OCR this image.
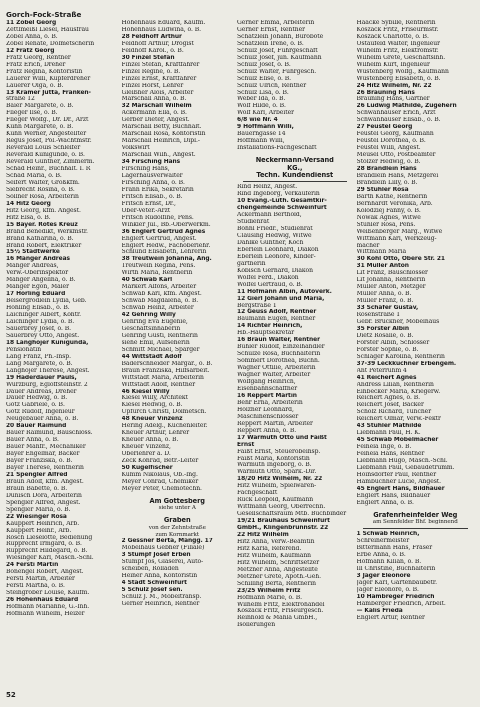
Gorch-Fock-Straße
11 Zobel Georg
Zettlmeißl Liesel, Hausfrau
Zobel Anna, o. B.
Zobel Renate, Dolmetscherin
12 Fratz Georg
Fratz Georg, Rentner
Fratz Erich, Dreher
Fratz Regina, Kontoristin
Lauerer Willi, Kupferdreher
Lauerer Olga, o. B.
13 Kramer Jutta, Franken-
straße 12
Baier Margarete, o. B.
Flieger Ilse, o. B.
Flieger Wolfg., Dr. Dr., Arzt
Kuhn Margarete, o. B.
Kuhn Werner, Angestellter
Regus Josef, Pol.-Wachtmstr.
Reverald Louis Schleifer
Reverald Kunigunde, o. B.
Reverald Günther, Zimmerm.
Schad Heinr., Buchhalt. I. R
Schad Maria, o. B.
Seifert Walter, Großkfm.
Siebrecht Rosina, o. B.
Söllner Rosa, Arbeiterin
14 Hitz Georg
Hitz Georg, kfm. Angest.
Hitz Elsa, o. B.
15 Bayer. Rotes Kreuz
Brand Benedikt, Werkmstr.
Brand Katharina, o. B.
Brand Robert, Elektriker
15½ Stadtwerke
16 Manger Andreas
Manger Andreas,
Verw.-Oberinspektor
Manger Angelina, o. B.
Manger Egon, Maler
17 Hörling Eduard
Beisergrödlein Lydia, Geb.
Höhling Elisab., o. B.
Laichinger Albert, Kontr.
Laichinger Lydia, o. B.
Sauerbrey Josef, o. B.
Sauerbrey Otto, Angest.
18 Langhojer Kunigunda,
Pensionatin
Lang Franz, Ph.-Insp.
Lang Margarete, o. B.
Langhojer Therese, Angest.
19 Haderdauer Pauls,
Würzburg, Egloffsteinstr. 2
Dauer Andreas, Dreher
Dauer Hedwig, o. B.
Götz Gabriele, o. B.
Götz Rudolf, Ingenieur
Neugebauer Anna, o. B.
20 Bauer Raimund
Bauer Raimund, Bauschloss.
Bauer Anna, o. B.
Bauer Manfr., Mechaniker
Bayer Engelmar, Bäcker
Bayer Franziska, o. B.
Bayer Therese, Rentnerin
21 Spengler Alfred
Braun Adolf, kfm. Angest.
Braun Babette, o. B.
Dünisch Dora, Arbeiterin
Spengler Alfred, Angest.
Spengler Maria, o. B.
22 Wiesinger Rosa
Kauppert Heinrich, Arb.
Kauppert Heinr., Arb.
Rösch Lieselotte, Bedienung
Rupprecht Irmgard, o. B.
Rupprecht Hildegard, o. B.
Wiesinger Karl, Masch.-Schl.
24 Fersti Martin
Bonengel Robert, Angest.
Ferstl Martin, Arbeiter
Ferstl Martha, o. B.
Steingröber Louise, Kaufm.
26 Hohenhaus Eduard
Hofmann Marianne, G.-Inh.
Hofmann Wilhelm, Heizer
Hohenhaus Eduard, Kaufm.
Hohenhaus Ludwina, o. B.
28 Feldhoff Arthur
Feldhoff Arthur, Drogist
Feldhoff Karol., o. B.
30 Finzel Stefan
Finzel Stefan, Kraftfahrer
Finzel Regine, o. B.
Finzel Ernst, Kraftfahrer
Finzel Horst, Lehrer
Gleißner Alois, Arbeiter
Marschall Anna, o. B.
32 Marschall Wilhelm
Ackermann Ella, o. B.
Gerber Dieter, Angest.
Marschall Betty, Buchhalt.
Marschall Rosa, Kontoristin
Marschall Heinrich, Dipl.-
Volkswirt
Marschall Wilh., Angest.
34 Firsching Hans
Firsching Hans,
Lagerhausverwalter
Firsching Anna, o. B.
Frann Erika, Sekretärin
Fritsch Elisab., o. B.
Fritsch Ernst, Dr.,
Ober-Veter.-Arzt
Fritsch Rudolfine, Pens.
Winkler Jul., Bb.-Oberwerkm.
36 Englert Gertrud Agnes
Englert Gertrud, Angest.
Englert Hedw., Fachoberlehr.
Schlund Elisabeth, Lehrerin
38 Treutwein Johanna, Ang.
Treutwein Regina, Pens.
Wirth Maria, Rentnerin
40 Schwab Karl
Markert Alfons, Arbeiter
Schwab Karl, kfm. Angest.
Schwab Magdalena, o. B.
Schwab Heinz, Arbeiter
42 Gehring Willy
Gehring Eva Eugenie,
Geschäftsinhaberin
Gehring Gusti, Rentnerin
siehe Emil, Aufseherin
Schmitt Michael, Sparger
44 Wittstadt Adolf
Baderschneider Margar., o. B.
Braun Franziska, Hilfsarbeit.
Wittstadt Maria, Arbeiterin
Wittstadt Adolf, Rentner
46 Kiesel Willy
Kiesel Willy, Architekt
Kiesel Hedwig, o. B.
Upfurch Christl, Dolmetsch.
48 Kneuer Vinzenz
Hering Adelg., Küchenleiter.
Kneuer Arthur, Lehrer
Kneuer Anna, o. B.
Kneuer Vinzenz,
Oberlehrer a. D.
Zeck Konrad, Betr.-Leiter
50 Kugelfischer
Kümm Nikolaus, Ob.-Ing.
Meyer Conrad, Chemiker
Meyer Peter, Chemotechn.
Am Gottesberg
siehe unter A
Graben
von der Zehntstraße
zum Kornmarkt
2 Gessner Berta, Mangg. 17
Möbelhaus Gebner (Filiale)
3 Stumpf Josef Erben
Stumpf Jos, Glaserei, Auto-
scheiben, Rolläden
Heiner Anna, Kontoristin
4 Städt Schweinfurt
5 Schulz Josef sen.
Schulz J. M., Möbeltransp.
Gerner Heinrich, Rentner
Gerner Emma, Arbeiterin
Gerner Ernst, Rentner
Schätzlein Johann, Bürobote
Schätzlein Irene, o. B.
Schulz Josef, Fuhrgeschäft
Schulz Josef, jun. Kaufmann
Schulz Josef, o. B.
Schulz Walter, Fuhrgesch.
Schulz Elise, o. B.
Schulz Ulrich, Rentner
Schulz Lisa, o. B.
Weber Ida, o. B.
Wolf Hilde, o. B.
Wolf Karl, Arbeiter
6/8 wie Nr. 4
9 Hoffmann Willi,
Bauerngasse 14
Hoffmann Willi,
Installations-Fachgeschäft
Neckermann-Versand
KG.,
Techn. Kundendienst
Rind Heinz, Angest.
Rind Ingeborg, Verkäuferin
10 Evang.-Luth. Gesamtkir-
chengemeinde Schweinfurt
Ackermann Berthold,
Studienrat
Böhnl Friedr., Studienrat
Clausing Hedwig, Witwe
Dahlke Günther, Koch
Eberlein Leonhard, Diakon
Eberlein Leonore, Kinder-
gärtnerin
Köbisch Gerhard, Diakon
Wölfel Ferd., Diakon
Wölfel Gertraud, o. B.
11 Hofmann Albin, Autoverk.
12 Gierl Johann und Maria,
Bergstraße 1
12 Geuss Adolf, Rentner
Baumann Eugen, Rentner
14 Richter Heinrich,
Hb.-Hauptsekretär
16 Braun Walter, Rentner
Bühler Rudolf, Einzelhändler
Schulze Rosa, Buchhalterin
Sömmert Dorothea, Buchh.
Wagner Ottilie, Arbeiterin
Wagner Walter, Arbeiter
Wolfgang Heinrich,
Eisenbahnschaffner
16 Reppert Martin
Behr Erna, Arbeiterin
Holzner Leonhard,
Maschinenschlosser
Reppert Martin, Arbeiter
Reppert Anna, o. B.
17 Warmuth Otto und Faißt
Ernst
Faißt Ernst, Steuerobeinsp.
Faißt Maria, Kontoristin
Warmuth Ingeborg, o. B.
Warmuth Otto, Spark.-Dir.
18/20 Hitz Wilhelm, Nr. 22
Hitz Wilhelm, Spielwaren-
Fachgeschäft
Ruck Leopold, Kaufmann
Wittmann Georg, Oberrechn.
Gesellschaftsraum Mtb. Buchbinder
19/21 Brauhaus Schweinfurt
GmbH., Klingenbrunnstr. 22
22 Hitz Wilhelm
Hitz Anna, Verw.-Beamtin
Hitz Karla, Referend.
Hitz Wilhelm, Kaufmann
Hitz Wilhelm, Schriftsetzer
Metzner Anna, Angestellte
Metzner Grete, Apoth.-Geh.
Schilling Berta, Rentnerin
23/25 Wilhelm Fritz
Hofmann Marie, o. B.
Wilhelm Fritz, Elektrohandel
Koszack Fritz, Friseurgesch.
Reinhold & Mahla GmbH.,
Isolierungen
Haacke Sybille, Rentnerin
Koszack Fritz, Friseurmstr.
Koszack Charlotte, o. B.
Ostaufeld Walter, Ingenieur
Wilhelm Fritz, Elektromstr.
Wilhelm Grete, Geschäftsinh.
Wilhelm Kurt, Ingenieur
Wüstenberg Wolfg., Kaufmann
Wüstenberg Elisabeth, o. B.
24 Hitz Wilhelm, Nr. 22
26 Bräuning Hans
Bräuning Hans, Gärtner
26 Ludwig Mathilde, Zugehern
Schwanhäuser Erich, Arzt
Schwanhäuser Elisab., o. B.
27 Feustel Georg
Feustel Georg, Kaufmann
Feustel Dorothea, o. B.
Feustel Willi, Angest.
Meusel Otto, Postbeamter
Stolzer Hedwig, o. B.
28 Brändlein Hans
Brändlein Hans, Metzgerei
Brändlein Lilly, o. B.
29 Stühler Rosa
Barth Käthe, Rentnerin
Bernhardt Veronika, Arb.
Kolodziej Fanny, o. B.
Nowak Agnes, Witwe
Stühler Rosa, Pens.
Weißenberger Marg., Witwe
Wittmann Karl, Werkzeug-
macher
Wittmann Maria
30 Kohl Otto, Obere Str. 21
31 Müller Anton
Lit Franz, Bauschlosser
Lit Johanna, Rentnerin
Müller Anton, Metzger
Müller Anna, o. B.
Müller Franz, o. B.
33 Schäfer Gustav,
Rosenstraße 1
Gebr. Brückner, Möbelhaus
35 Förster Albin
Dietz Rosalie, o. B.
Förster Albin, Schlosser
Förster Sophie, o. B.
Schlager Karolina, Rentnerin
37-39 Leckkuchner Erbengem.
Ant Peterrühm 4
41 Reichert Agnes
Andress Lilian, Rentnerin
Einbecker Maria, Kriegerw.
Reichert Agnes, o. B.
Reichert Josef, Bäcker
Scholz Richard, Tüncher
Reichert Olmar, Verw.-Fektr
43 Stühler Mathilde
Liebmann Paul, H. K.
45 Schwab Möbelmacher
Feinela Inge, o. B.
Feinela Hans, Rentner
Liebmann Hugo, Masch.-Schl.
Liebmann Paul, Gebäudetrumm.
Hoinsdörfer Paul, Rentner
Hambuchner Lucie, Angest.
45 Englert Hans, Bildhauer
Englert Hans, Bildhauer
Englert Anna, o. B.
Grafenrheinfelder Weg
am Sennfelder Bhf. beginnend
1 Schwab Heinrich,
Schreinermeister
Bittermann Hans, Fräser
Erbe Anna, o. B.
Hofmann Kilian, o. B.
Ill Christine, Buchhalterin
3 Jäger Eleonore
Jäger Karl, Gartenbaubetr.
Jäger Eleonore, o. B.
10 Hambreger Friedrich
Hamberger Friedrich, Arbeit.
— Kalis Frieda
Englert Artur, Rentner
52
